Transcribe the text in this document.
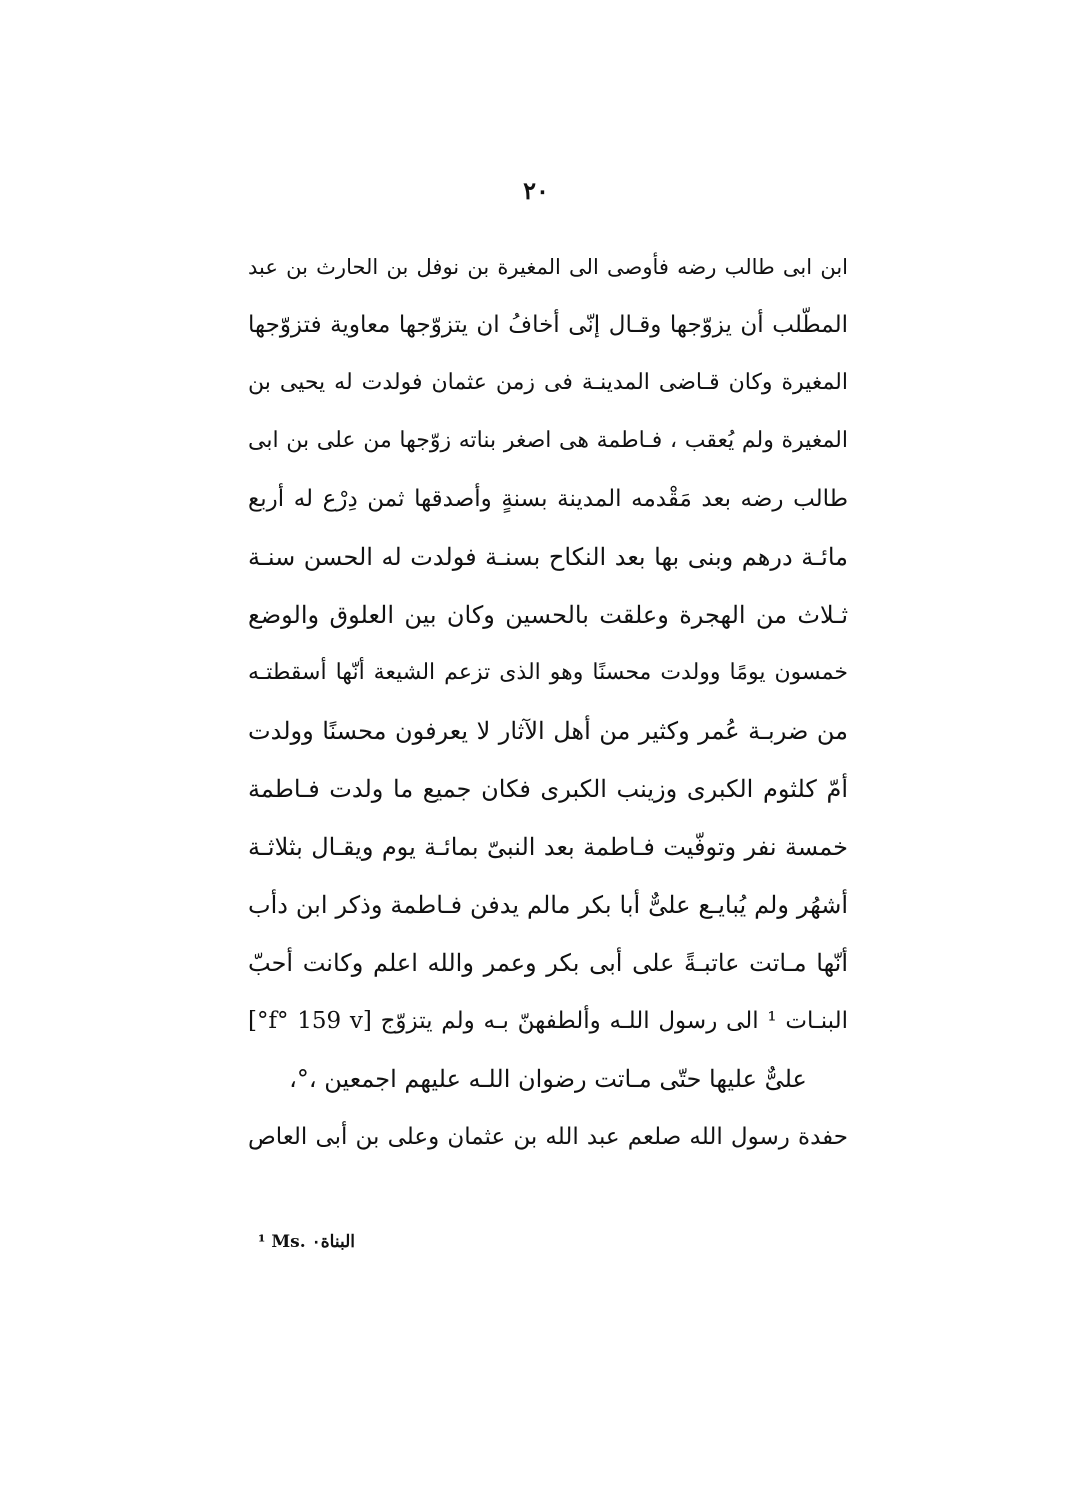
٢٠
ابن ابى طالب رضه فأوصى الى المغيرة بن نوفل بن الحارث بن عبد
المطّلب أن يزوّجها وقـال إنّى أخافُ ان يتزوّجها معاوية فتزوّجها
المغيرة وكان قـاضى المدينـة فى زمن عثمان فولدت له يحيى بن
المغيرة ولم يُعقب ، فـاطمة هى اصغر بناته زوّجها من على بن ابى
طالب رضه بعد مَقْدمه المدينة بسنةٍ وأصدقها ثمن دِرْع له أربع
مائـة درهم وبنى بها بعد النكاح بسنـة فولدت له الحسن سنـة
ثـلاث من الهجرة وعلقت بالحسين وكان بين العلوق والوضع
خمسون يومًا وولدت محسنًا وهو الذى تزعم الشيعة أنّها أسقطتـه
من ضربـة عُمر وكثير من أهل الآثار لا يعرفون محسنًا وولدت
أمّ كلثوم الكبرى وزينب الكبرى فكان جميع ما ولدت فـاطمة
خمسة نفر وتوفّيت فـاطمة بعد النبىّ بمائـة يوم ويقـال بثلاثـة
أشهُر ولم يُبايـع علىٌّ أبا بكر مالم يدفن فـاطمة وذكر ابن دأب
أنّها مـاتت عاتبـةً على أبى بكر وعمر والله اعلم وكانت أحبّ
البنـات ¹ الى رسول اللـه وألطفهنّ بـه ولم يتزوّج [f° 159 v°]
علىٌّ عليها حتّى مـاتت رضوان اللـه عليهم اجمعين ،°،
حفدة رسول الله صلعم عبد الله بن عثمان وعلى بن أبى العاص
¹ Ms. البناة٠
